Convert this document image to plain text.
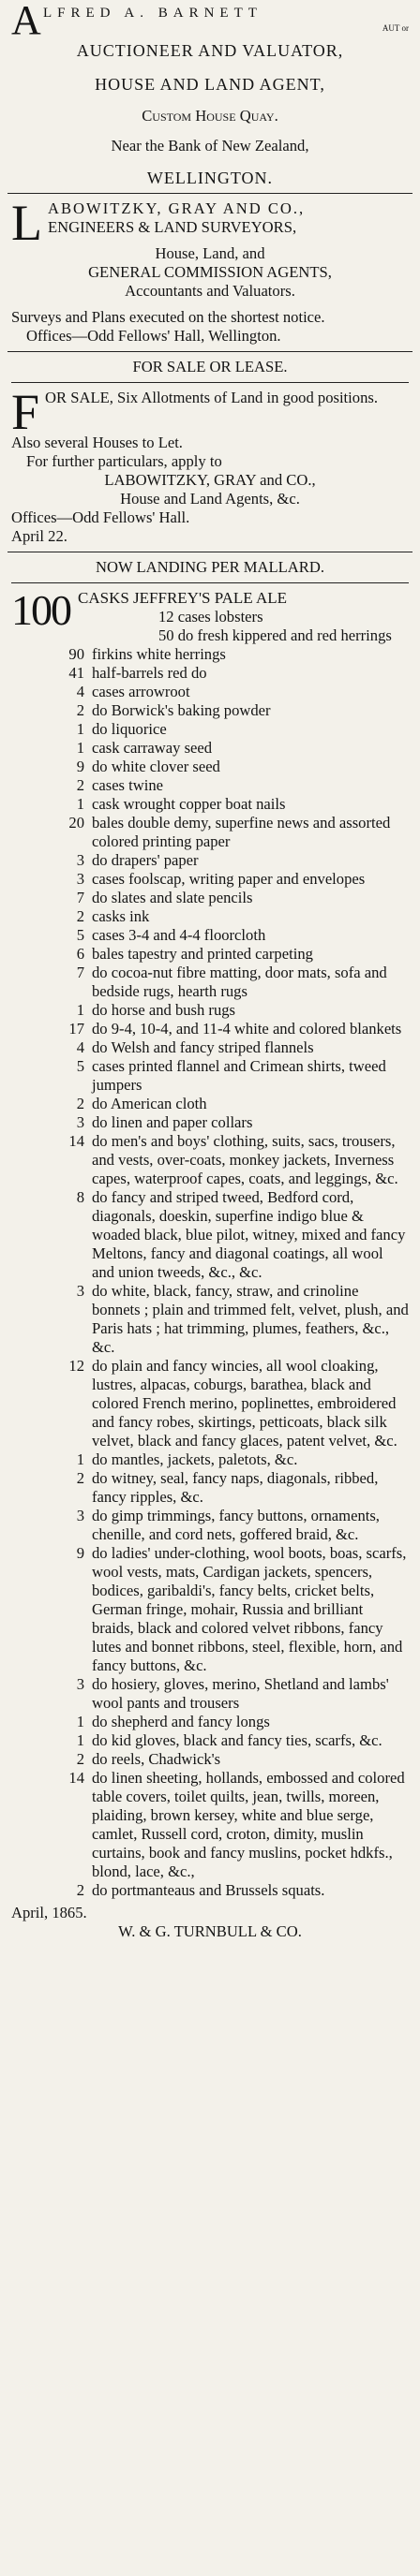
A LFRED A. BARNETT
AUT or
AUCTIONEER AND VALUATOR,
HOUSE AND LAND AGENT,
Custom House Quay.
Near the Bank of New Zealand,
WELLINGTON.
L ABOWITZKY, GRAY AND CO.,
ENGINEERS & LAND SURVEYORS,
House, Land, and
GENERAL COMMISSION AGENTS,
Accountants and Valuators.
Surveys and Plans executed on the shortest notice.
Offices—Odd Fellows' Hall, Wellington.
FOR SALE OR LEASE.
F OR SALE, Six Allotments of Land in good positions.
Also several Houses to Let.
For further particulars, apply to
LABOWITZKY, GRAY and CO.,
House and Land Agents, &c.
Offices—Odd Fellows' Hall.
April 22.
NOW LANDING PER MALLARD.
100 CASKS JEFFREY'S PALE ALE
12 cases lobsters
50 do fresh kippered and red herrings
90 firkins white herrings
41 half-barrels red do
4 cases arrowroot
2 do Borwick's baking powder
1 do liquorice
1 cask carraway seed
9 do white clover seed
2 cases twine
1 cask wrought copper boat nails
20 bales double demy, superfine news and assorted colored printing paper
3 do drapers' paper
3 cases foolscap, writing paper and envelopes
7 do slates and slate pencils
2 casks ink
5 cases 3-4 and 4-4 floorcloth
6 bales tapestry and printed carpeting
7 do cocoa-nut fibre matting, door mats, sofa and bedside rugs, hearth rugs
1 do horse and bush rugs
17 do 9-4, 10-4, and 11-4 white and colored blankets
4 do Welsh and fancy striped flannels
5 cases printed flannel and Crimean shirts, tweed jumpers
2 do American cloth
3 do linen and paper collars
14 do men's and boys' clothing, suits, sacs, trousers, and vests, over-coats, monkey jackets, Inverness capes, waterproof capes, coats, and leggings, &c.
8 do fancy and striped tweed, Bedford cord, diagonals, doeskin, superfine indigo blue & woaded black, blue pilot, witney, mixed and fancy Meltons, fancy and diagonal coatings, all wool and union tweeds, &c., &c.
3 do white, black, fancy, straw, and crinoline bonnets ; plain and trimmed felt, velvet, plush, and Paris hats ; hat trimming, plumes, feathers, &c., &c.
12 do plain and fancy wincies, all wool cloaking, lustres, alpacas, coburgs, barathea, black and colored French merino, poplinettes, embroidered and fancy robes, skirtings, petticoats, black silk velvet, black and fancy glaces, patent velvet, &c.
1 do mantles, jackets, paletots, &c.
2 do witney, seal, fancy naps, diagonals, ribbed, fancy ripples, &c.
3 do gimp trimmings, fancy buttons, ornaments, chenille, and cord nets, goffered braid, &c.
9 do ladies' under-clothing, wool boots, boas, scarfs, wool vests, mats, Cardigan jackets, spencers, bodices, garibaldi's, fancy belts, cricket belts, German fringe, mohair, Russia and brilliant braids, black and colored velvet ribbons, fancy lutes and bonnet ribbons, steel, flexible, horn, and fancy buttons, &c.
3 do hosiery, gloves, merino, Shetland and lambs' wool pants and trousers
1 do shepherd and fancy longs
1 do kid gloves, black and fancy ties, scarfs, &c.
2 do reels, Chadwick's
14 do linen sheeting, hollands, embossed and colored table covers, toilet quilts, jean, twills, moreen, plaiding, brown kersey, white and blue serge, camlet, Russell cord, croton, dimity, muslin curtains, book and fancy muslins, pocket hdkfs., blond, lace, &c.,
2 do portmanteaus and Brussels squats.
April, 1865.
W. & G. TURNBULL & CO.
